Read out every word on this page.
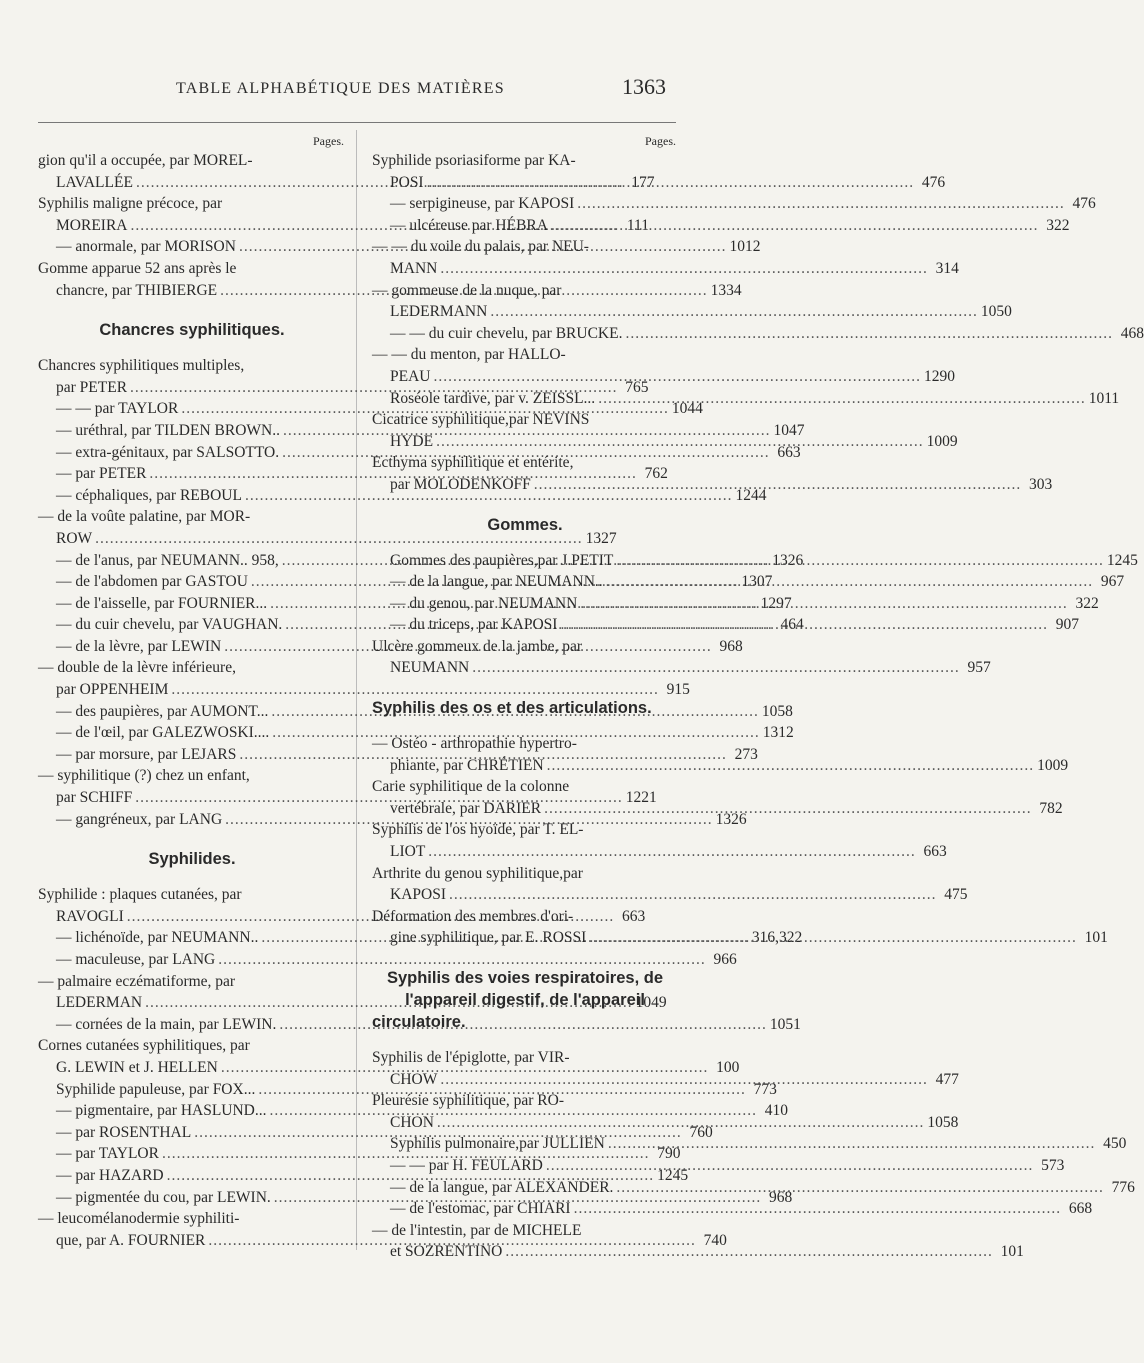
TABLE ALPHABÉTIQUE DES MATIÈRES	1363
Pages.
gion qu'il a occupée, par MOREL-
LAVALLÉE .....	177
Syphilis maligne précoce, par
MOREIRA .....	111
— anormale, par MORISON .....	1012
Gomme apparue 52 ans après le
chancre, par THIBIERGE .....	1334
Chancres syphilitiques.
Chancres syphilitiques multiples,
par PETER .....	765
— — par TAYLOR .....	1044
— uréthral, par TILDEN BROWN.. .....	1047
— extra-génitaux, par SALSOTTO. .....	663
— par PETER .....	762
— céphaliques, par REBOUL .....	1244
— de la voûte palatine, par MOR-
ROW .....	1327
— de l'anus, par NEUMANN.. 958, .....	1326
— de l'abdomen par GASTOU .....	1307
— de l'aisselle, par FOURNIER... .....	1297
— du cuir chevelu, par VAUGHAN. .....	464
— de la lèvre, par LEWIN .....	968
— double de la lèvre inférieure,
par OPPENHEIM .....	915
— des paupières, par AUMONT... .....	1058
— de l'œil, par GALEZWOSKI.... .....	1312
— par morsure, par LEJARS .....	273
— syphilitique (?) chez un enfant,
par SCHIFF .....	1221
— gangréneux, par LANG .....	1326
Syphilides.
Syphilide : plaques cutanées, par
RAVOGLI .....	663
— lichénoïde, par NEUMANN.. .....	316,322
— maculeuse, par LANG .....	966
— palmaire eczématiforme, par
LEDERMAN .....	1049
— cornées de la main, par LEWIN. .....	1051
Cornes cutanées syphilitiques, par
G. LEWIN et J. HELLEN .....	100
Syphilide papuleuse, par FOX... .....	773
— pigmentaire, par HASLUND... .....	410
— par ROSENTHAL .....	760
— par TAYLOR .....	790
— par HAZARD .....	1245
— pigmentée du cou, par LEWIN. .....	968
— leucomélanodermie syphiliti-
que, par A. FOURNIER .....	740
Pages.
Syphilide psoriasiforme par KA-
POSI .....	476
— serpigineuse, par KAPOSI .....	476
— ulcéreuse par HÉBRA .....	322
— — du voile du palais, par NEU-
MANN .....	314
— gommeuse de la nuque, par
LEDERMANN .....	1050
— — du cuir chevelu, par BRUCKE. .....	468
— — du menton, par HALLO-
PEAU .....	1290
Roséole tardive, par v. ZEISSL... .....	1011
Cicatrice syphilitique,par NEVINS
HYDE .....	1009
Ecthyma syphilitique et entérite,
par MOLODENKOFF .....	303
Gommes.
Gommes des paupières,par J.PETIT .....	1245
— de la langue, par NEUMANN.. .....	967
— du genou, par NEUMANN .....	322
— du triceps, par KAPOSI .....	907
Ulcère gommeux de la jambe, par
NEUMANN .....	957
Syphilis des os et des articulations.
— Ostéo - arthropathie hypertro-
phiante, par CHRÉTIEN .....	1009
Carie syphilitique de la colonne
vertébrale, par DARIER .....	782
Syphilis de l'os hyoïde, par T. EL-
LIOT .....	663
Arthrite du genou syphilitique,par
KAPOSI .....	475
Déformation des membres d'ori-
gine syphilitique, par E. ROSSI .....	101
Syphilis des voies respiratoires, de
l'appareil digestif, de l'appareil
circulatoire.
Syphilis de l'épiglotte, par VIR-
CHOW .....	477
Pleurésie syphilitique, par RO-
CHON .....	1058
Syphilis pulmonaire,par JULLIEN .....	450
— — par H. FEULARD .....	573
— de la langue, par ALEXANDER. .....	776
— de l'estomac, par CHIARI .....	668
— de l'intestin, par de MICHELE
et SOZRENTINO .....	101
